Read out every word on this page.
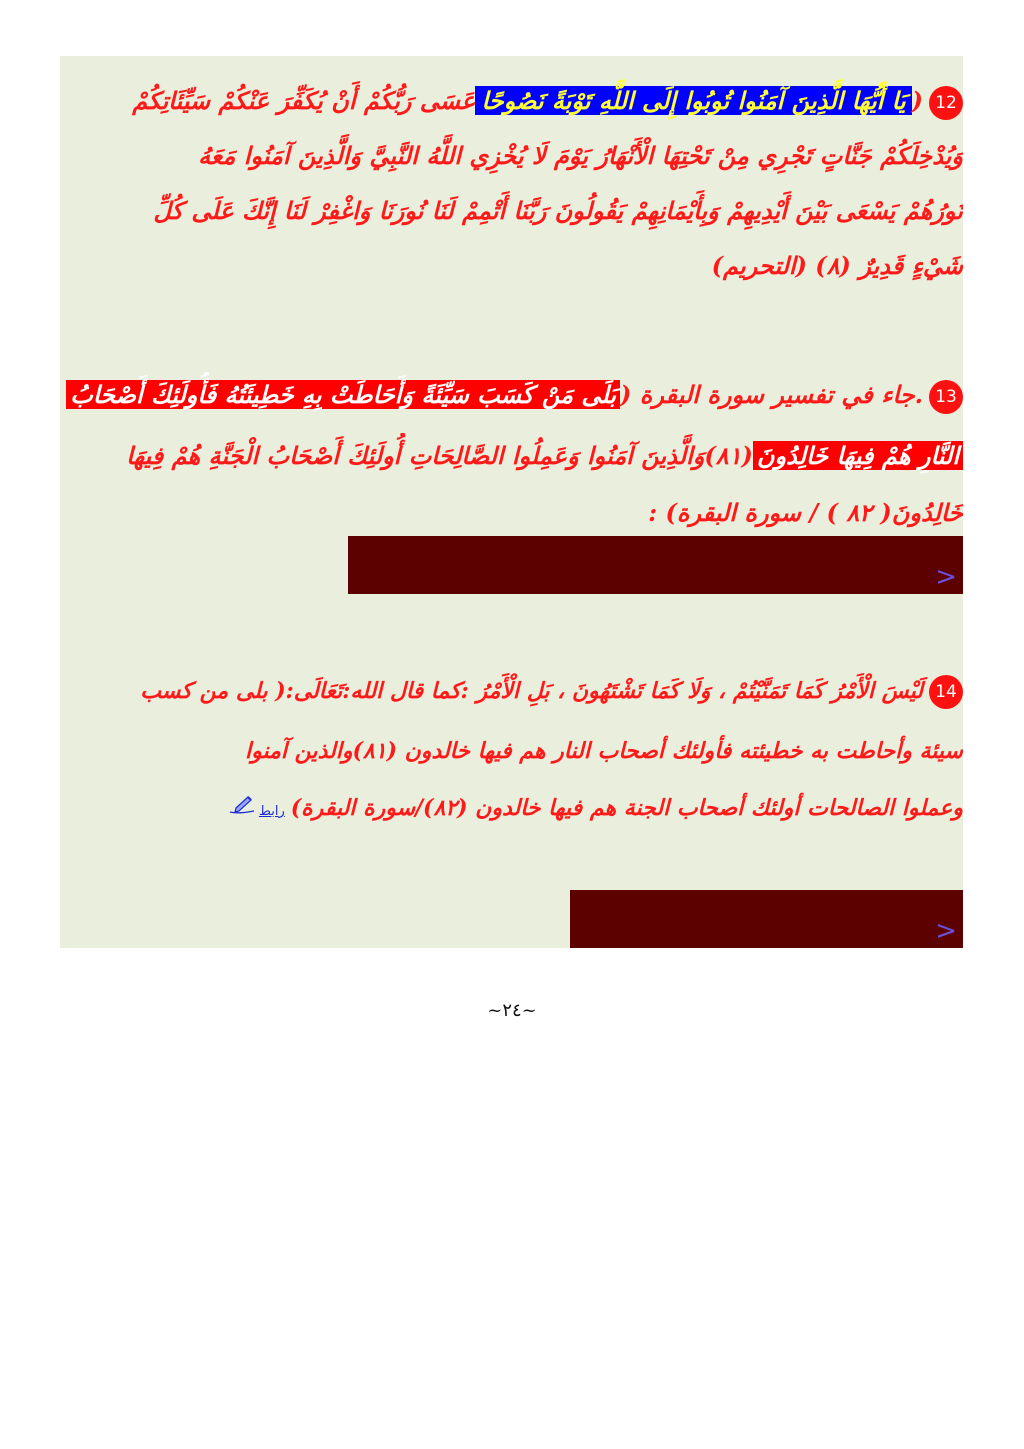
12(يَا أَيُّهَا الَّذِينَ آمَنُوا تُوبُوا إِلَى اللَّهِ تَوْبَةً نَصُوحًاعَسَى رَبُّكُمْ أَنْ يُكَفِّرَ عَنْكُمْ سَيِّئَاتِكُمْ
وَيُدْخِلَكُمْ جَنَّاتٍ تَجْرِي مِنْ تَحْتِهَا الْأَنْهَارُ يَوْمَ لَا يُخْزِي اللَّهُ النَّبِيَّ وَالَّذِينَ آمَنُوا مَعَهُ
نُورُهُمْ يَسْعَى بَيْنَ أَيْدِيهِمْ وَبِأَيْمَانِهِمْ يَقُولُونَ رَبَّنَا أَتْمِمْ لَنَا نُورَنَا وَاغْفِرْ لَنَا إِنَّكَ عَلَى كُلِّ
شَيْءٍ قَدِيرٌ (٨) (التحريم)
13.جاء في تفسير سورة البقرة (بَلَى مَنْ كَسَبَ سَيِّئَةً وَأَحَاطَتْ بِهِ خَطِيئَتُهُ فَأُولَئِكَ أَصْحَابُ
النَّارِ هُمْ فِيهَا خَالِدُونَ(٨١)وَالَّذِينَ آمَنُوا وَعَمِلُوا الصَّالِحَاتِ أُولَئِكَ أَصْحَابُ الْجَنَّةِ هُمْ فِيهَا
خَالِدُونَ( ٨٢ ) / سورة البقرة) :
>
14لَيْسَ الْأَمْرُ كَمَا تَمَنَّيْتُمْ ، وَلَا كَمَا تَشْتَهُونَ ، بَلِ الْأَمْرُ :كما قال الله:تَعَالَى:( بلى من كسب
سيئة وأحاطت به خطيئته فأولئك أصحاب النار هم فيها خالدون (٨١)والذين آمنوا
وعملوا الصالحات أولئك أصحاب الجنة هم فيها خالدون (٨٢)/سورة البقرة)رابط
>
~٢٤~
